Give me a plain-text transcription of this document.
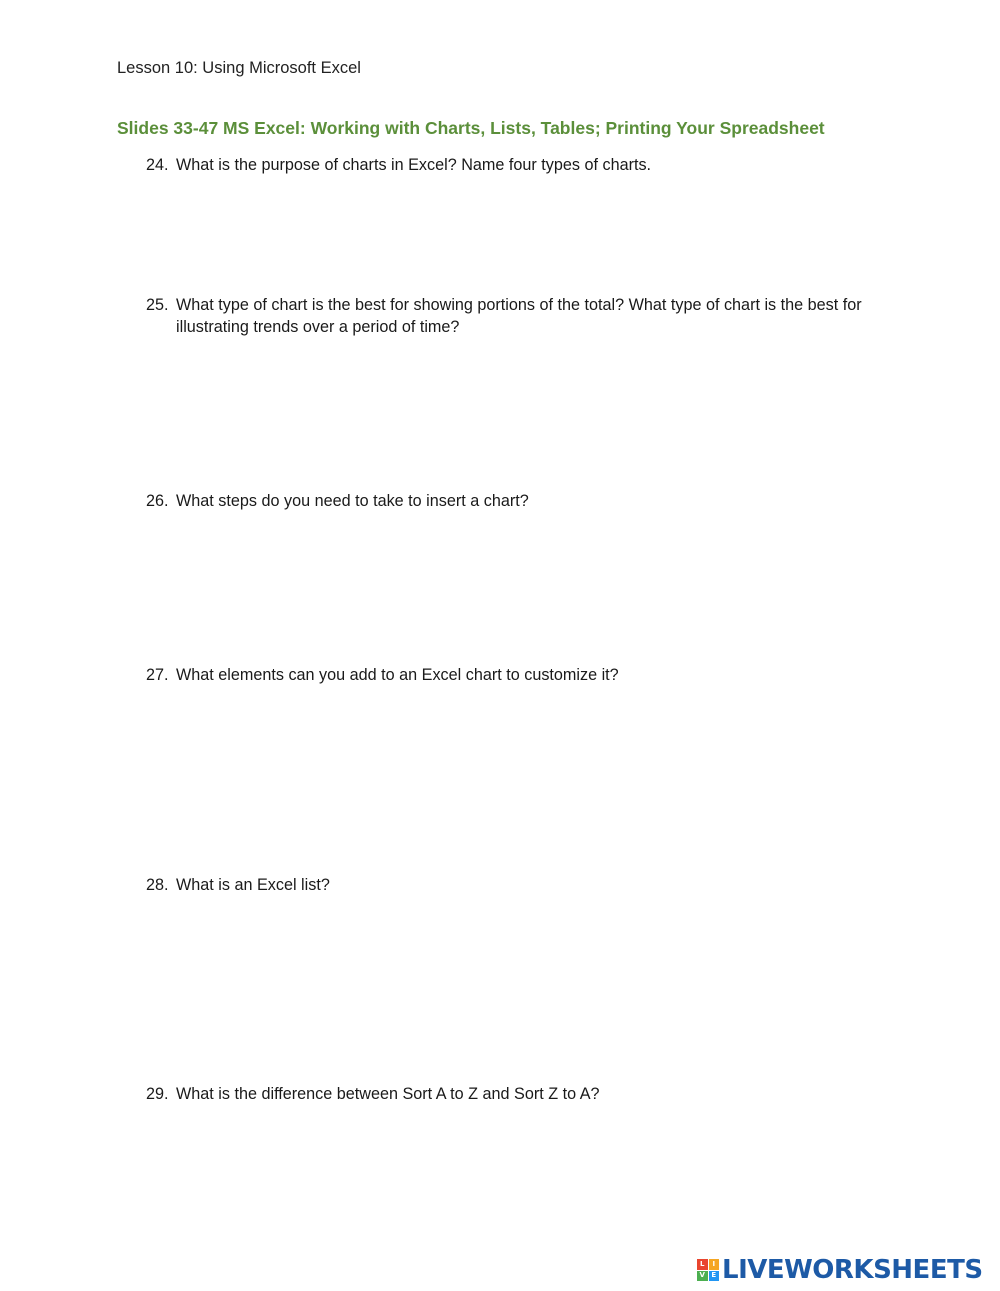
Lesson 10: Using Microsoft Excel
Slides 33-47 MS Excel: Working with Charts, Lists, Tables; Printing Your Spreadsheet
24. What is the purpose of charts in Excel? Name four types of charts.
25. What type of chart is the best for showing portions of the total? What type of chart is the best for illustrating trends over a period of time?
26. What steps do you need to take to insert a chart?
27. What elements can you add to an Excel chart to customize it?
28. What is an Excel list?
29. What is the difference between Sort A to Z and Sort Z to A?
L	I
V E LIVEWORKSHEETS
